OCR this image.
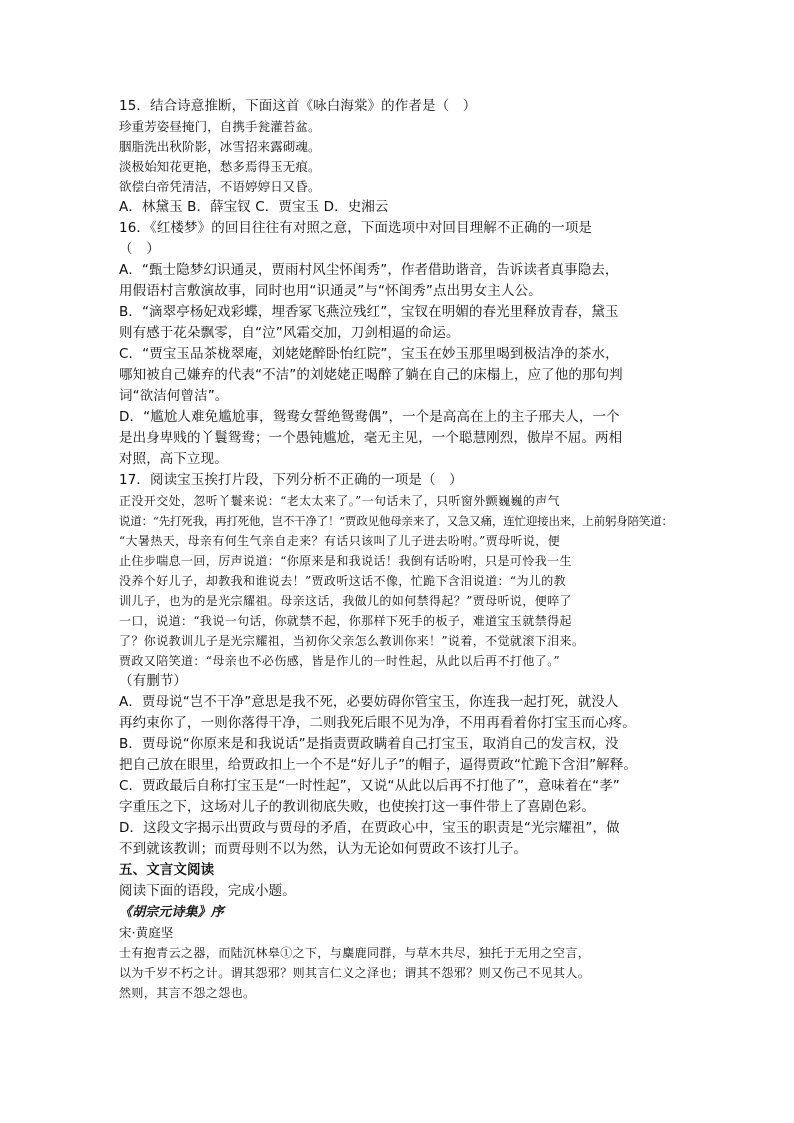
15．结合诗意推断，下面这首《咏白海棠》的作者是（　）
珍重芳姿昼掩门，自携手瓮灌苔盆。
胭脂洗出秋阶影，冰雪招来露砌魂。
淡极始知花更艳，愁多焉得玉无痕。
欲偿白帝凭清洁，不语婷婷日又昏。
A．林黛玉 B．薛宝钗 C．贾宝玉 D．史湘云
16．《红楼梦》的回目往往有对照之意，下面选项中对回目理解不正确的一项是
（　）
A．“甄士隐梦幻识通灵，贾雨村风尘怀闺秀”，作者借助谐音，告诉读者真事隐去，
用假语村言敷演故事，同时也用“识通灵”与“怀闺秀”点出男女主人公。
B．“滴翠亭杨妃戏彩蝶，埋香冢飞燕泣残红”，宝钗在明媚的春光里释放青春，黛玉
则有感于花朵飘零，自“泣”风霜交加，刀剑相逼的命运。
C．“贾宝玉品茶栊翠庵，刘姥姥醉卧怡红院”，宝玉在妙玉那里喝到极洁净的茶水，
哪知被自己嫌弃的代表“不洁”的刘姥姥正喝醉了躺在自己的床榻上，应了他的那句判
词“欲洁何曾洁”。
D．“尴尬人难免尴尬事，鸳鸯女誓绝鸳鸯偶”，一个是高高在上的主子邢夫人，一个
是出身卑贱的丫鬟鸳鸯；一个愚钝尴尬，毫无主见，一个聪慧刚烈，傲岸不屈。两相
对照，高下立现。
17．阅读宝玉挨打片段，下列分析不正确的一项是（　）
正没开交处，忽听丫鬟来说：“老太太来了。”一句话未了，只听窗外颤巍巍的声气
说道：“先打死我，再打死他，岂不干净了！”贾政见他母亲来了，又急又痛，连忙迎接出来，上前躬身陪笑道：
“大暑热天，母亲有何生气亲自走来？有话只该叫了儿子进去吩咐。”贾母听说，便
止住步喘息一回，厉声说道：“你原来是和我说话！我倒有话吩咐，只是可怜我一生
没养个好儿子，却教我和谁说去！”贾政听这话不像，忙跪下含泪说道：“为儿的教
训儿子，也为的是光宗耀祖。母亲这话，我做儿的如何禁得起？”贾母听说，便啐了
一口，说道：“我说一句话，你就禁不起，你那样下死手的板子，难道宝玉就禁得起
了？你说教训儿子是光宗耀祖，当初你父亲怎么教训你来！”说着，不觉就滚下泪来。
贾政又陪笑道：“母亲也不必伤感，皆是作儿的一时性起，从此以后再不打他了。”
（有删节）
A．贾母说“岂不干净”意思是我不死，必要妨碍你管宝玉，你连我一起打死，就没人
再约束你了，一则你落得干净，二则我死后眼不见为净，不用再看着你打宝玉而心疼。
B．贾母说“你原来是和我说话”是指责贾政瞒着自己打宝玉，取消自己的发言权，没
把自己放在眼里，给贾政扣上一个不是“好儿子”的帽子，逼得贾政“忙跪下含泪”解释。
C．贾政最后自称打宝玉是“一时性起”，又说“从此以后再不打他了”，意味着在“孝”
字重压之下，这场对儿子的教训彻底失败，也使挨打这一事件带上了喜剧色彩。
D．这段文字揭示出贾政与贾母的矛盾，在贾政心中，宝玉的职责是“光宗耀祖”，做
不到就该教训；而贾母则不以为然，认为无论如何贾政不该打儿子。
五、文言文阅读
阅读下面的语段，完成小题。
《胡宗元诗集》序
宋·黄庭坚
士有抱青云之器，而陆沉林皋①之下，与麋鹿同群，与草木共尽，独托于无用之空言，
以为千岁不朽之计。谓其怨邪？则其言仁义之泽也；谓其不怨邪？则又伤己不见其人。
然则，其言不怨之怨也。
